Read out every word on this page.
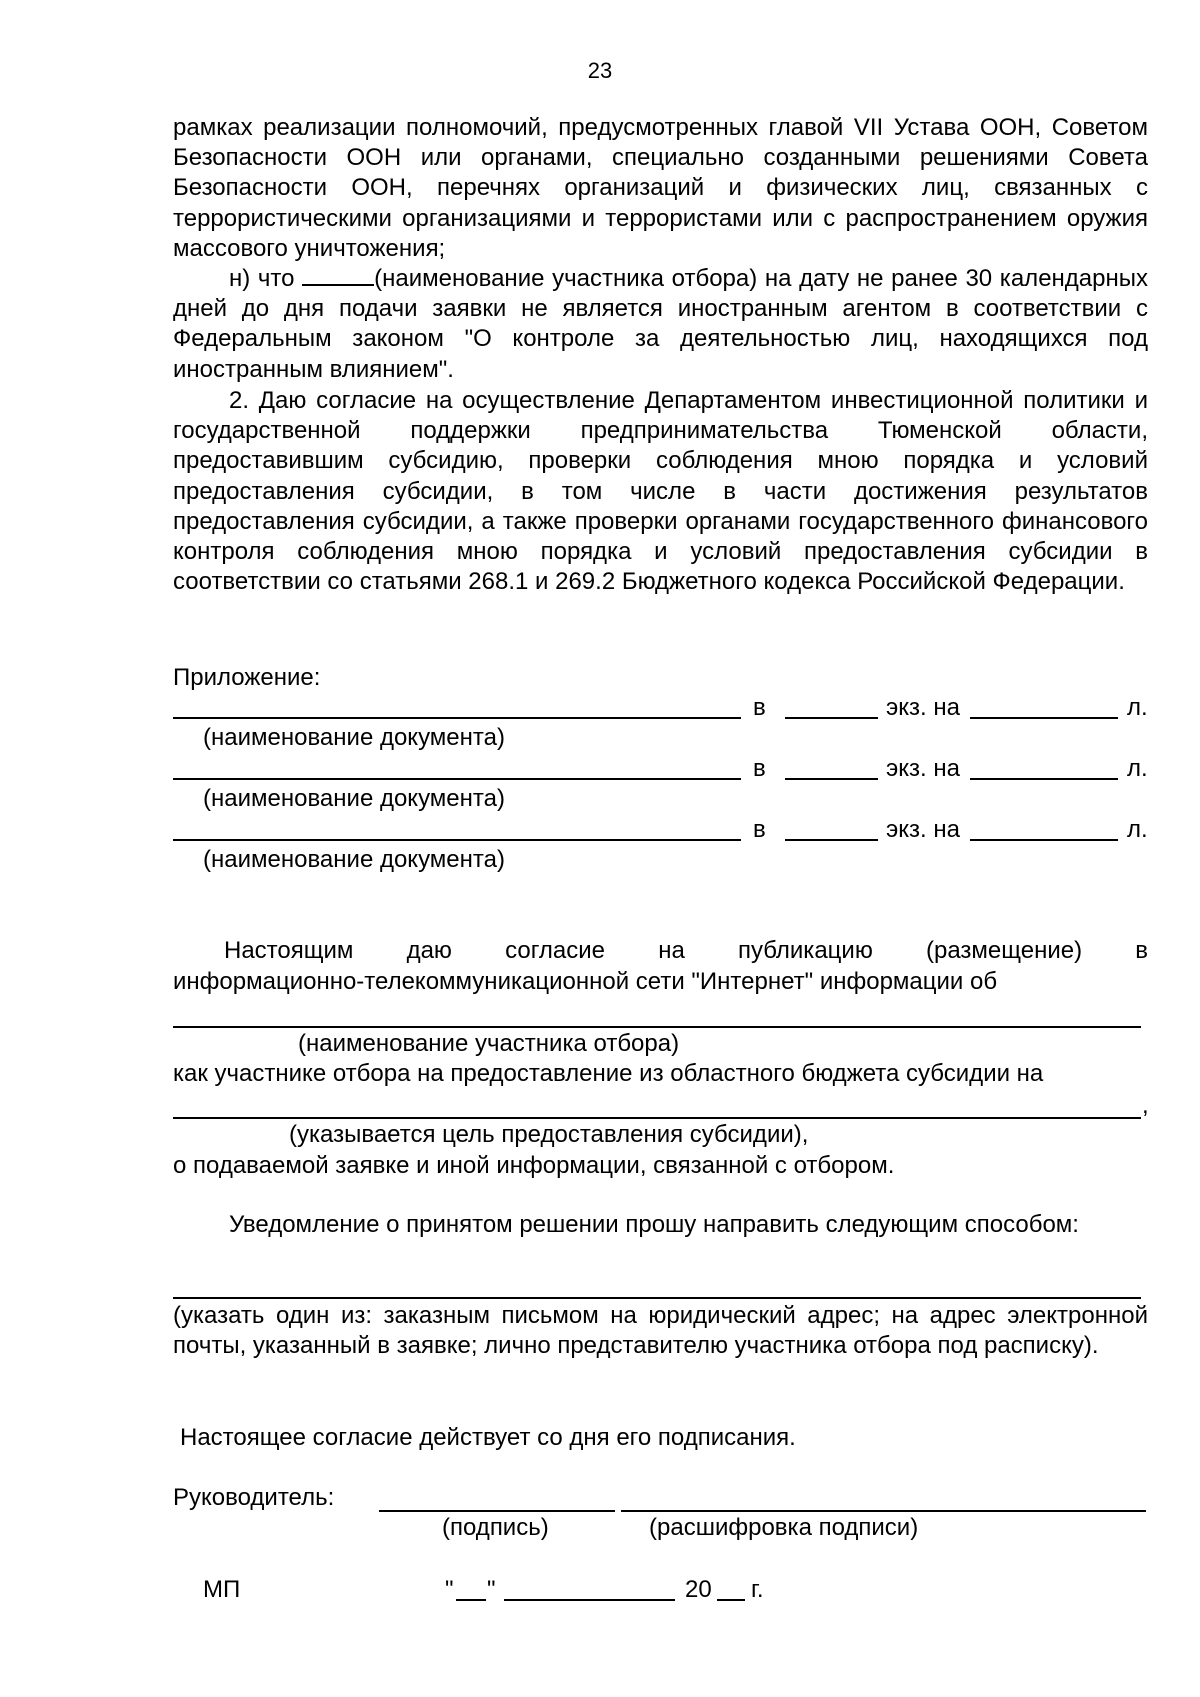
23
рамках реализации полномочий, предусмотренных главой VII Устава ООН, Советом Безопасности ООН или органами, специально созданными решениями Совета Безопасности ООН, перечнях организаций и физических лиц, связанных с террористическими организациями и террористами или с распространением оружия массового уничтожения;
н) что	(наименование участника отбора) на дату не ранее 30 календарных дней до дня подачи заявки не является иностранным агентом в соответствии с Федеральным законом "О контроле за деятельностью лиц, находящихся под иностранным влиянием".
2. Даю согласие на осуществление Департаментом инвестиционной политики и государственной поддержки предпринимательства Тюменской области, предоставившим субсидию, проверки соблюдения мною порядка и условий предоставления субсидии, в том числе в части достижения результатов предоставления субсидии, а также проверки органами государственного финансового контроля соблюдения мною порядка и условий предоставления субсидии в соответствии со статьями 268.1 и 269.2 Бюджетного кодекса Российской Федерации.
Приложение:
в	экз. на	л.
(наименование документа)
в	экз. на	л.
(наименование документа)
в	экз. на	л.
(наименование документа)
Настоящим даю согласие на публикацию (размещение) в
информационно-телекоммуникационной сети "Интернет" информации об
(наименование участника отбора)
как участнике отбора на предоставление из областного бюджета субсидии на
,
(указывается цель предоставления субсидии),
о подаваемой заявке и иной информации, связанной с отбором.
Уведомление о принятом решении прошу направить следующим способом:
(указать один из: заказным письмом на юридический адрес; на адрес электронной почты, указанный в заявке; лично представителю участника отбора под расписку).
Настоящее согласие действует со дня его подписания.
Руководитель:
(подпись)	(расшифровка подписи)
МП	" "	20 г.
